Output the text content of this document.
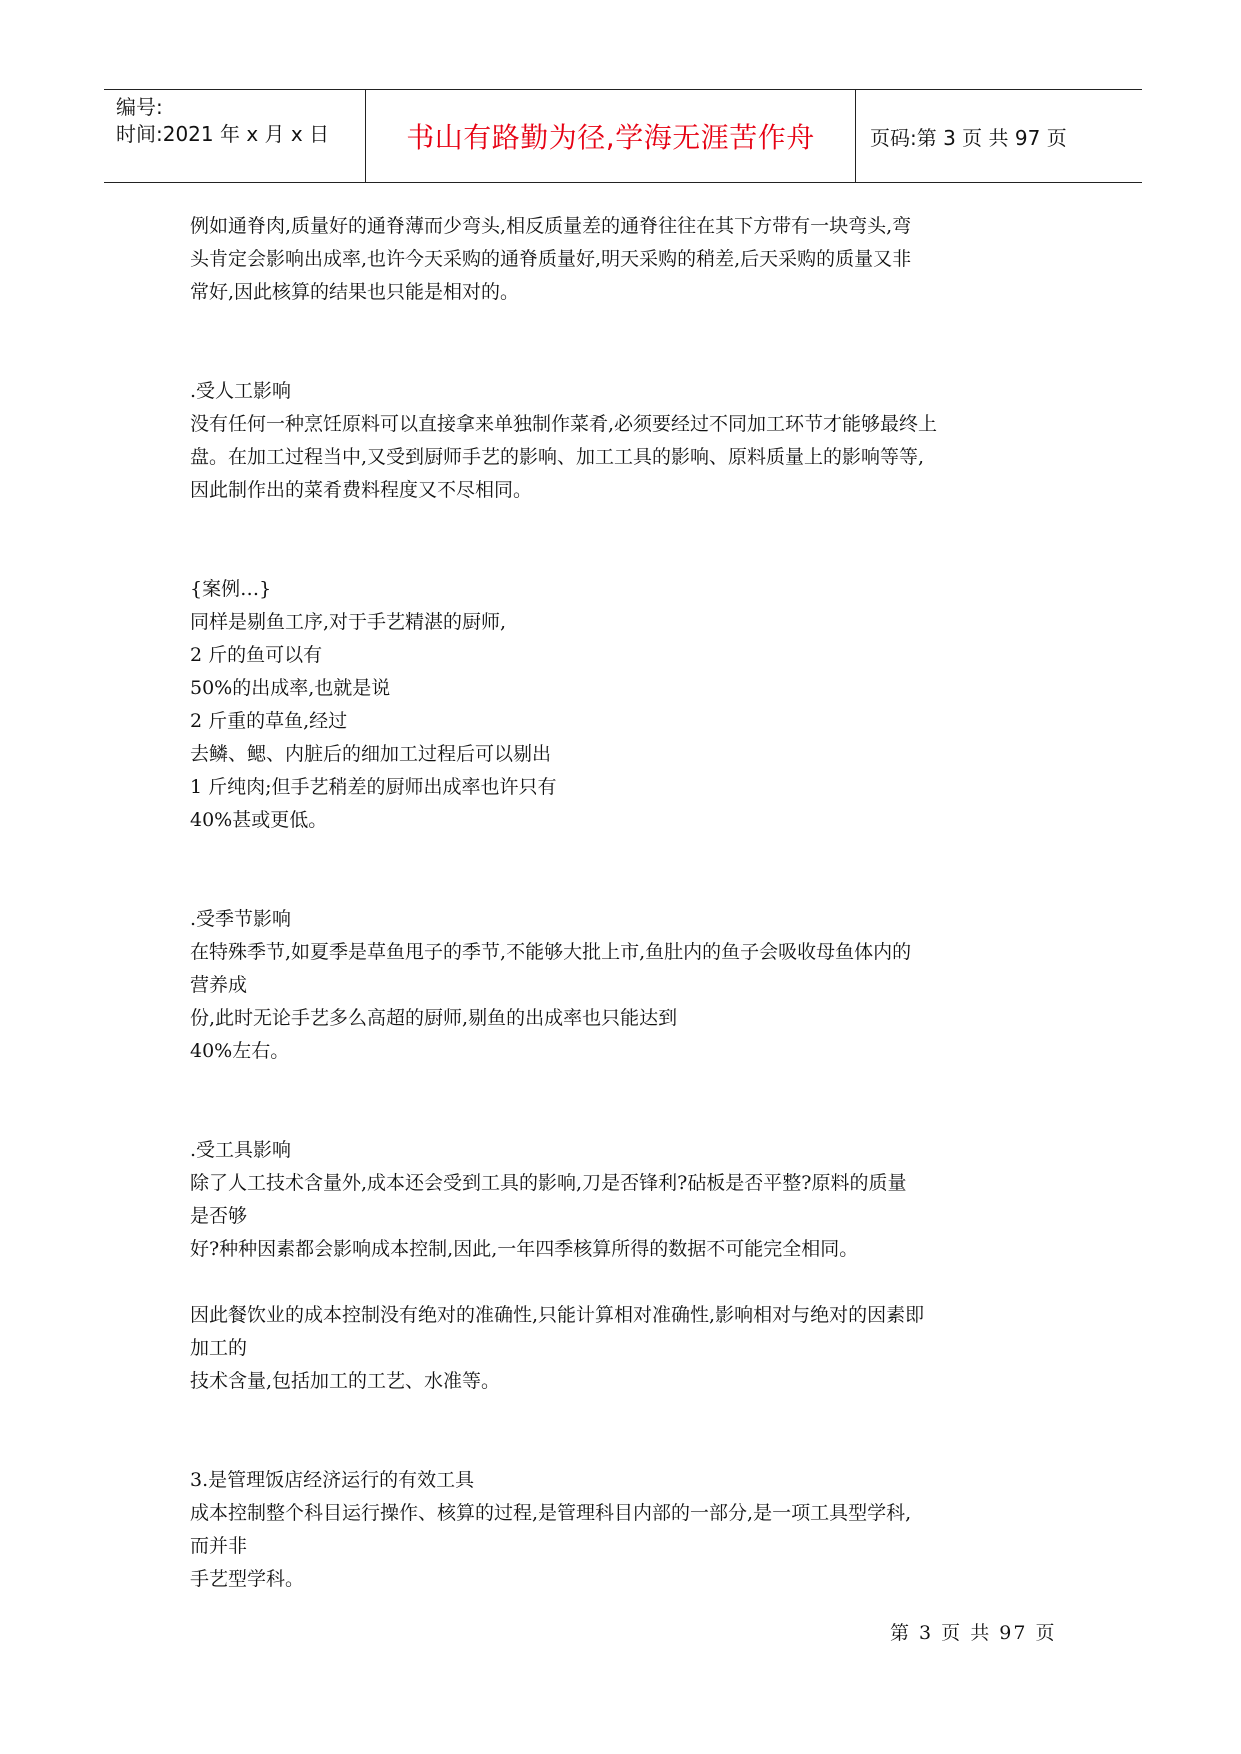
编号:
时间:2021 年 x 月 x 日	书山有路勤为径,学海无涯苦作舟	页码:第 3 页 共 97 页

例如通脊肉,质量好的通脊薄而少弯头,相反质量差的通脊往往在其下方带有一块弯头,弯

头肯定会影响出成率,也许今天采购的通脊质量好,明天采购的稍差,后天采购的质量又非

常好,因此核算的结果也只能是相对的。

.受人工影响

没有任何一种烹饪原料可以直接拿来单独制作菜肴,必须要经过不同加工环节才能够最终上

盘。在加工过程当中,又受到厨师手艺的影响、加工工具的影响、原料质量上的影响等等,

因此制作出的菜肴费料程度又不尽相同。

{案例…}

同样是剔鱼工序,对于手艺精湛的厨师,

2 斤的鱼可以有

50%的出成率,也就是说

2 斤重的草鱼,经过

去鳞、鳃、内脏后的细加工过程后可以剔出

1 斤纯肉;但手艺稍差的厨师出成率也许只有

40%甚或更低。

.受季节影响

在特殊季节,如夏季是草鱼甩子的季节,不能够大批上市,鱼肚内的鱼子会吸收母鱼体内的

营养成

份,此时无论手艺多么高超的厨师,剔鱼的出成率也只能达到

40%左右。

.受工具影响

除了人工技术含量外,成本还会受到工具的影响,刀是否锋利?砧板是否平整?原料的质量

是否够

好?种种因素都会影响成本控制,因此,一年四季核算所得的数据不可能完全相同。

因此餐饮业的成本控制没有绝对的准确性,只能计算相对准确性,影响相对与绝对的因素即

加工的

技术含量,包括加工的工艺、水准等。

3.是管理饭店经济运行的有效工具

成本控制整个科目运行操作、核算的过程,是管理科目内部的一部分,是一项工具型学科,

而并非

手艺型学科。

第 3 页 共 97 页
